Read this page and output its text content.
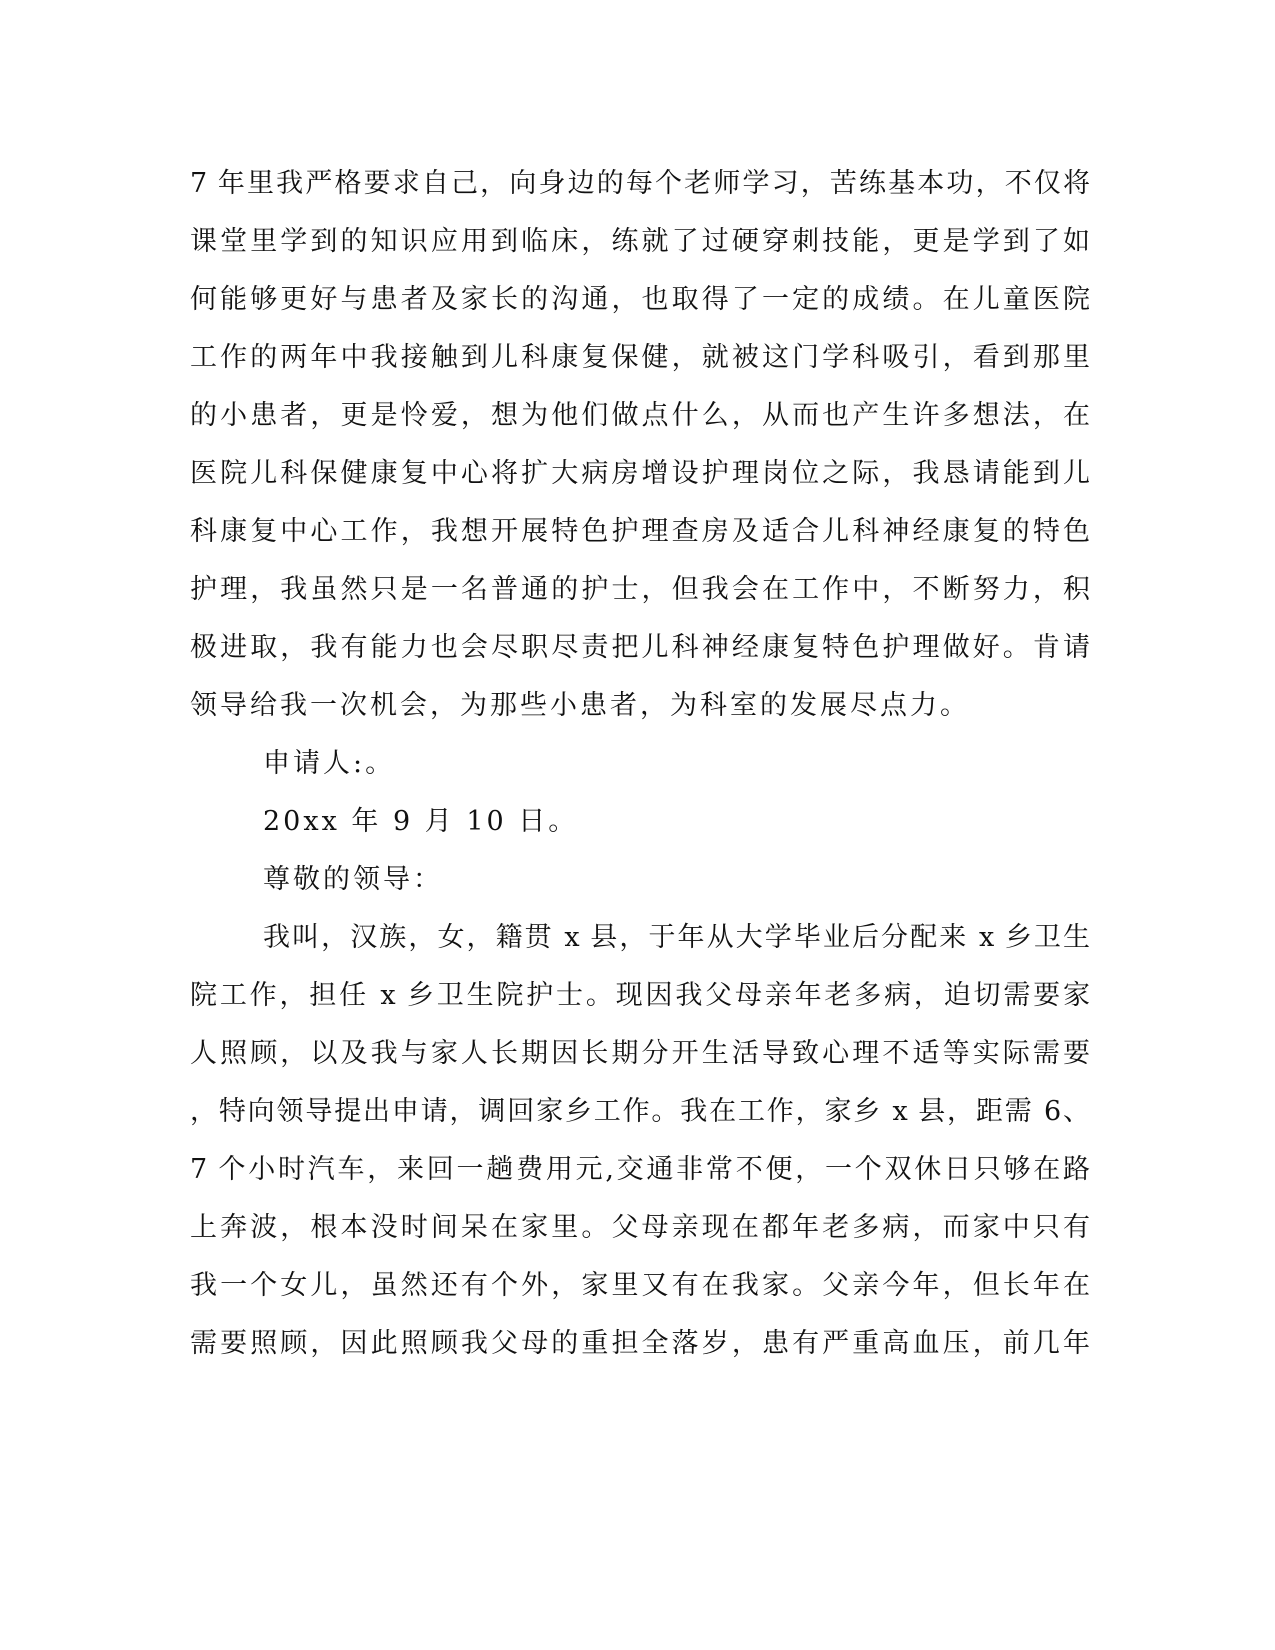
7 年里我严格要求自己，向身边的每个老师学习，苦练基本功，不仅将
课堂里学到的知识应用到临床，练就了过硬穿刺技能，更是学到了如
何能够更好与患者及家长的沟通，也取得了一定的成绩。在儿童医院
工作的两年中我接触到儿科康复保健，就被这门学科吸引，看到那里
的小患者，更是怜爱，想为他们做点什么，从而也产生许多想法，在
医院儿科保健康复中心将扩大病房增设护理岗位之际，我恳请能到儿
科康复中心工作，我想开展特色护理查房及适合儿科神经康复的特色
护理，我虽然只是一名普通的护士，但我会在工作中，不断努力，积
极进取，我有能力也会尽职尽责把儿科神经康复特色护理做好。肯请
领导给我一次机会，为那些小患者，为科室的发展尽点力。
申请人:。
20xx 年 9 月 10 日。
尊敬的领导：
我叫，汉族，女，籍贯 x 县，于年从大学毕业后分配来 x 乡卫生
院工作，担任 x 乡卫生院护士。现因我父母亲年老多病，迫切需要家
人照顾，以及我与家人长期因长期分开生活导致心理不适等实际需要
，特向领导提出申请，调回家乡工作。我在工作，家乡 x 县，距需 6、
7 个小时汽车，来回一趟费用元,交通非常不便，一个双休日只够在路
上奔波，根本没时间呆在家里。父母亲现在都年老多病，而家中只有
我一个女儿，虽然还有个外，家里又有在我家。父亲今年，但长年在
需要照顾，因此照顾我父母的重担全落岁，患有严重高血压，前几年
